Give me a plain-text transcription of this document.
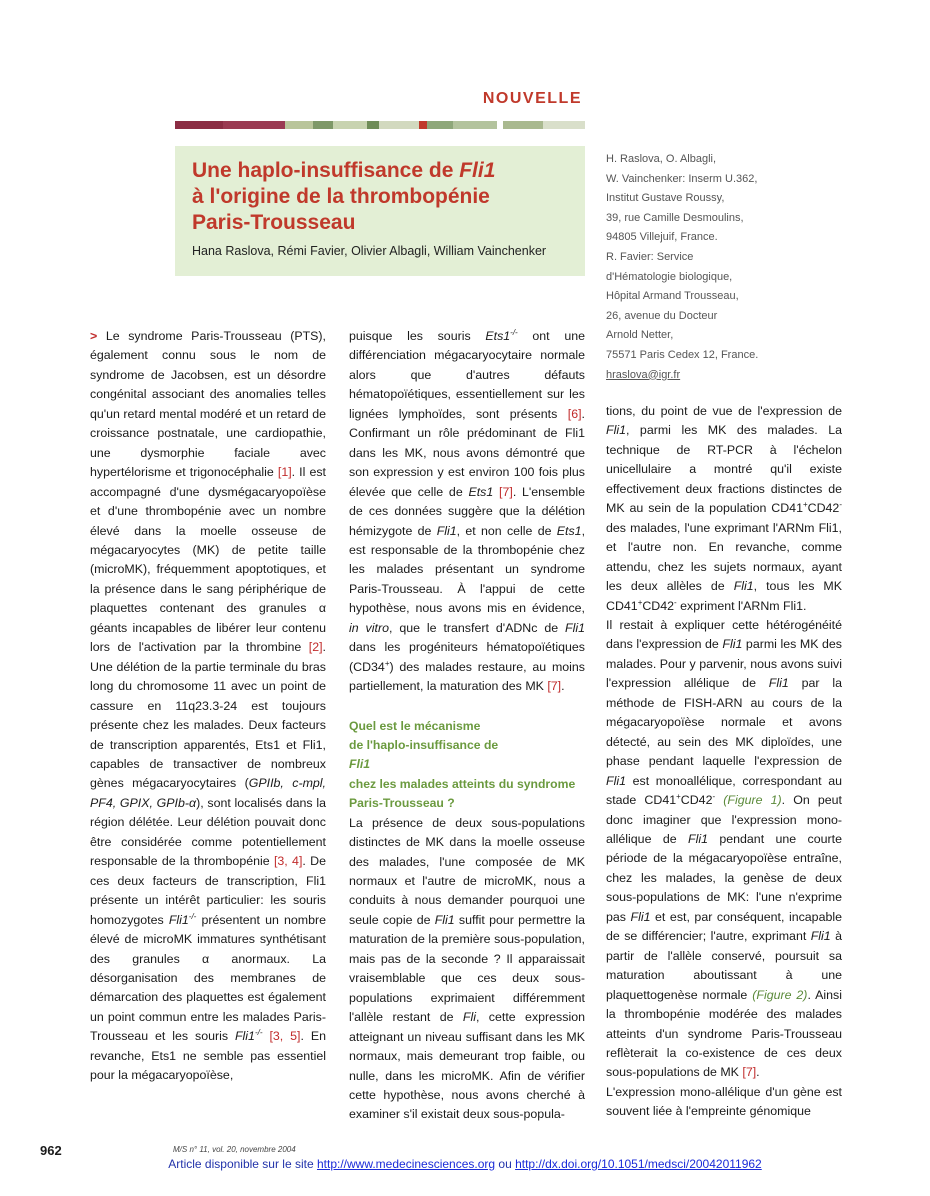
NOUVELLE
Une haplo-insuffisance de Fli1
à l'origine de la thrombopénie
Paris-Trousseau
Hana Raslova, Rémi Favier, Olivier Albagli, William Vainchenker
H. Raslova, O. Albagli,
W. Vainchenker: Inserm U.362,
Institut Gustave Roussy,
39, rue Camille Desmoulins,
94805 Villejuif, France.
R. Favier: Service
d'Hématologie biologique,
Hôpital Armand Trousseau,
26, avenue du Docteur
Arnold Netter,
75571 Paris Cedex 12, France.
hraslova@igr.fr

> Le syndrome Paris-Trousseau (PTS), également connu sous le nom de syndrome de Jacobsen, est un désordre congénital associant des anomalies telles qu'un retard mental modéré et un retard de croissance postnatale, une cardiopathie, une dysmorphie faciale avec hypertélorisme et trigonocéphalie [1]. Il est accompagné d'une dysmégacaryopoïèse et d'une thrombopénie avec un nombre élevé dans la moelle osseuse de mégacaryocytes (MK) de petite taille (microMK), fréquemment apoptotiques, et la présence dans le sang périphérique de plaquettes contenant des granules α géants incapables de libérer leur contenu lors de l'activation par la thrombine [2]. Une délétion de la partie terminale du bras long du chromosome 11 avec un point de cassure en 11q23.3-24 est toujours présente chez les malades. Deux facteurs de transcription apparentés, Ets1 et Fli1, capables de transactiver de nombreux gènes mégacaryocytaires (GPIIb, c-mpl, PF4, GPIX, GPIb-α), sont localisés dans la région délétée. Leur délétion pouvait donc être considérée comme potentiellement responsable de la thrombopénie [3, 4]. De ces deux facteurs de transcription, Fli1 présente un intérêt particulier: les souris homozygotes Fli1-/- présentent un nombre élevé de microMK immatures synthétisant des granules α anormaux. La désorganisation des membranes de démarcation des plaquettes est également un point commun entre les malades Paris-Trousseau et les souris Fli1-/- [3, 5]. En revanche, Ets1 ne semble pas essentiel pour la mégacaryopoïèse,

puisque les souris Ets1-/- ont une différenciation mégacaryocytaire normale alors que d'autres défauts hématopoïétiques, essentiellement sur les lignées lymphoïdes, sont présents [6]. Confirmant un rôle prédominant de Fli1 dans les MK, nous avons démontré que son expression y est environ 100 fois plus élevée que celle de Ets1 [7]. L'ensemble de ces données suggère que la délétion hémizygote de Fli1, et non celle de Ets1, est responsable de la thrombopénie chez les malades présentant un syndrome Paris-Trousseau. À l'appui de cette hypothèse, nous avons mis en évidence, in vitro, que le transfert d'ADNc de Fli1 dans les progéniteurs hématopoïétiques (CD34+) des malades restaure, au moins partiellement, la maturation des MK [7].

Quel est le mécanisme
de l'haplo-insuffisance de
Fli1
chez les malades atteints du syndrome
Paris-Trousseau ?

La présence de deux sous-populations distinctes de MK dans la moelle osseuse des malades, l'une composée de MK normaux et l'autre de microMK, nous a conduits à nous demander pourquoi une seule copie de Fli1 suffit pour permettre la maturation de la première sous-population, mais pas de la seconde ? Il apparaissait vraisemblable que ces deux sous-populations exprimaient différemment l'allèle restant de Fli, cette expression atteignant un niveau suffisant dans les MK normaux, mais demeurant trop faible, ou nulle, dans les microMK. Afin de vérifier cette hypothèse, nous avons cherché à examiner s'il existait deux sous-popula-

tions, du point de vue de l'expression de Fli1, parmi les MK des malades. La technique de RT-PCR à l'échelon unicellulaire a montré qu'il existe effectivement deux fractions distinctes de MK au sein de la population CD41+CD42- des malades, l'une exprimant l'ARNm Fli1, et l'autre non. En revanche, comme attendu, chez les sujets normaux, ayant les deux allèles de Fli1, tous les MK CD41+CD42- expriment l'ARNm Fli1.

Il restait à expliquer cette hétérogénéité dans l'expression de Fli1 parmi les MK des malades. Pour y parvenir, nous avons suivi l'expression allélique de Fli1 par la méthode de FISH-ARN au cours de la mégacaryopoïèse normale et avons détecté, au sein des MK diploïdes, une phase pendant laquelle l'expression de Fli1 est monoallélique, correspondant au stade CD41+CD42- (Figure 1). On peut donc imaginer que l'expression mono-allélique de Fli1 pendant une courte période de la mégacaryopoïèse entraîne, chez les malades, la genèse de deux sous-populations de MK: l'une n'exprime pas Fli1 et est, par conséquent, incapable de se différencier; l'autre, exprimant Fli1 à partir de l'allèle conservé, poursuit sa maturation aboutissant à une plaquettogenèse normale (Figure 2). Ainsi la thrombopénie modérée des malades atteints d'un syndrome Paris-Trousseau reflèterait la co-existence de ces deux sous-populations de MK [7].

L'expression mono-allélique d'un gène est souvent liée à l'empreinte génomique

962	M/S n° 11, vol. 20, novembre 2004
Article disponible sur le site http://www.medecinesciences.org ou http://dx.doi.org/10.1051/medsci/20042011962
